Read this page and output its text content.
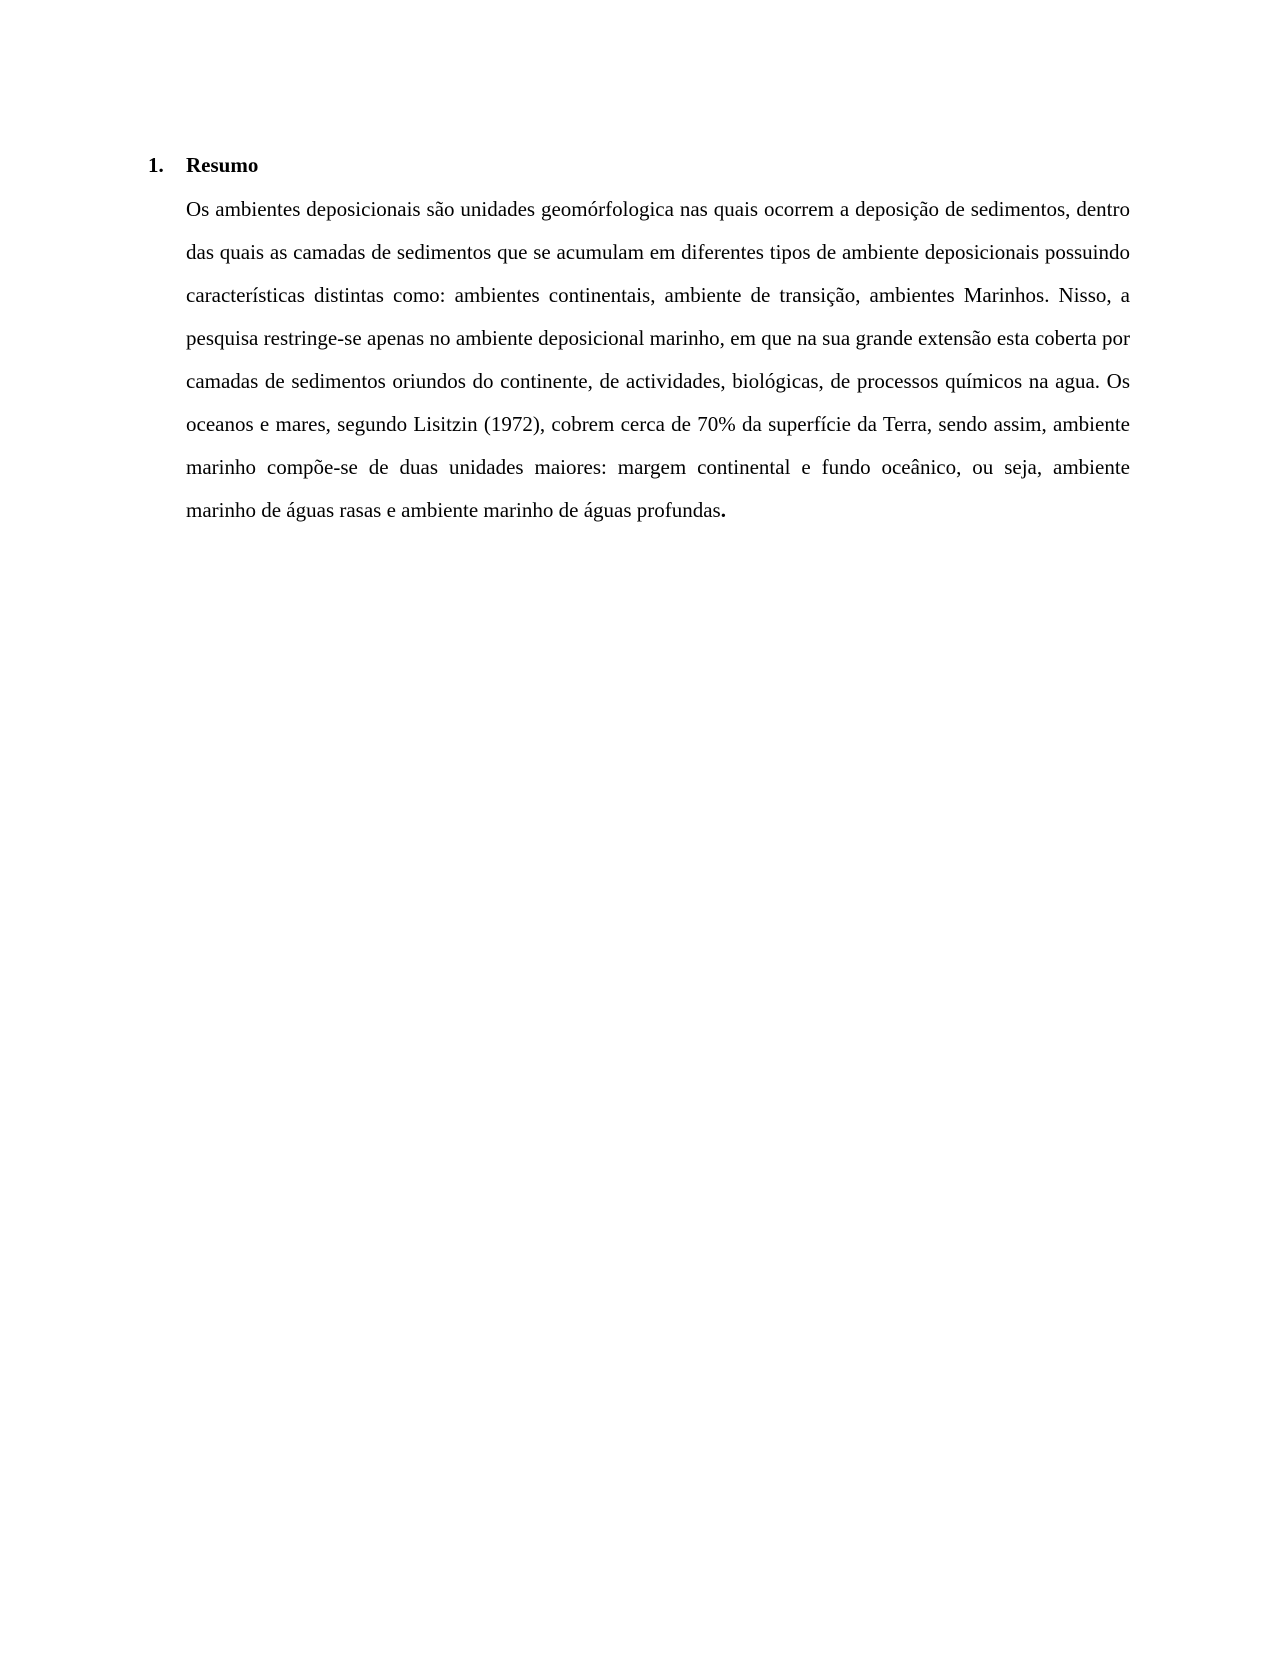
1.	Resumo

Os ambientes deposicionais são unidades geomórfologica nas quais ocorrem a deposição de sedimentos, dentro das quais as camadas de sedimentos que se acumulam em diferentes tipos de ambiente deposicionais possuindo características distintas como: ambientes continentais, ambiente de transição, ambientes Marinhos. Nisso, a pesquisa restringe-se apenas no ambiente deposicional marinho, em que na sua grande extensão esta coberta por camadas de sedimentos oriundos do continente, de actividades, biológicas, de processos químicos na agua. Os oceanos e mares, segundo Lisitzin (1972), cobrem cerca de 70% da superfície da Terra, sendo assim, ambiente marinho compõe-se de duas unidades maiores: margem continental e fundo oceânico, ou seja, ambiente marinho de águas rasas e ambiente marinho de águas profundas.
